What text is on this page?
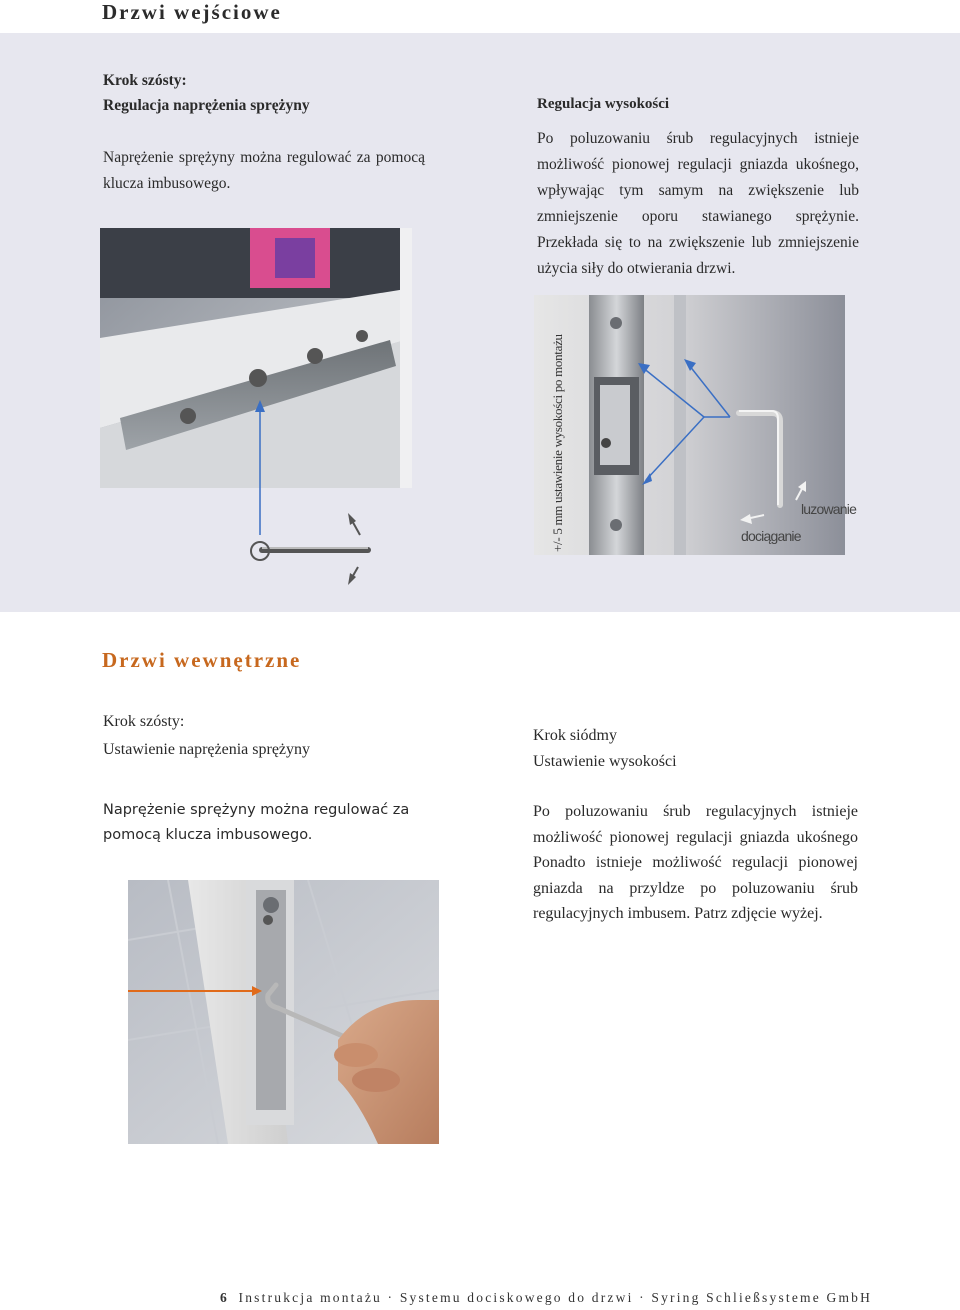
Drzwi wejściowe
Krok szósty:
Regulacja naprężenia sprężyny
Naprężenie sprężyny można regulować za pomocą klucza imbusowego.
Regulacja wysokości
Po poluzowaniu śrub regulacyjnych istnieje możliwość pionowej regulacji gniazda ukośnego, wpływając tym samym na zwiększenie lub zmniejszenie oporu stawianego sprężynie. Przekłada się to na zwiększenie lub zmniejszenie użycia siły do otwierania drzwi.
+/- 5 mm ustawienie wysokości po montażu	luzowanie
dociąganie
Drzwi wewnętrzne
Krok szósty:
Ustawienie naprężenia sprężyny
Naprężenie sprężyny można regulować za pomocą klucza imbusowego.
Krok siódmy
Ustawienie wysokości
Po poluzowaniu śrub regulacyjnych istnieje możliwość pionowej regulacji gniazda ukośnego Ponadto istnieje możliwość regulacji pionowej gniazda na przyldze po poluzowaniu śrub regulacyjnych imbusem. Patrz zdjęcie wyżej.
6 Instrukcja montażu · Systemu dociskowego do drzwi · Syring Schließsysteme GmbH
